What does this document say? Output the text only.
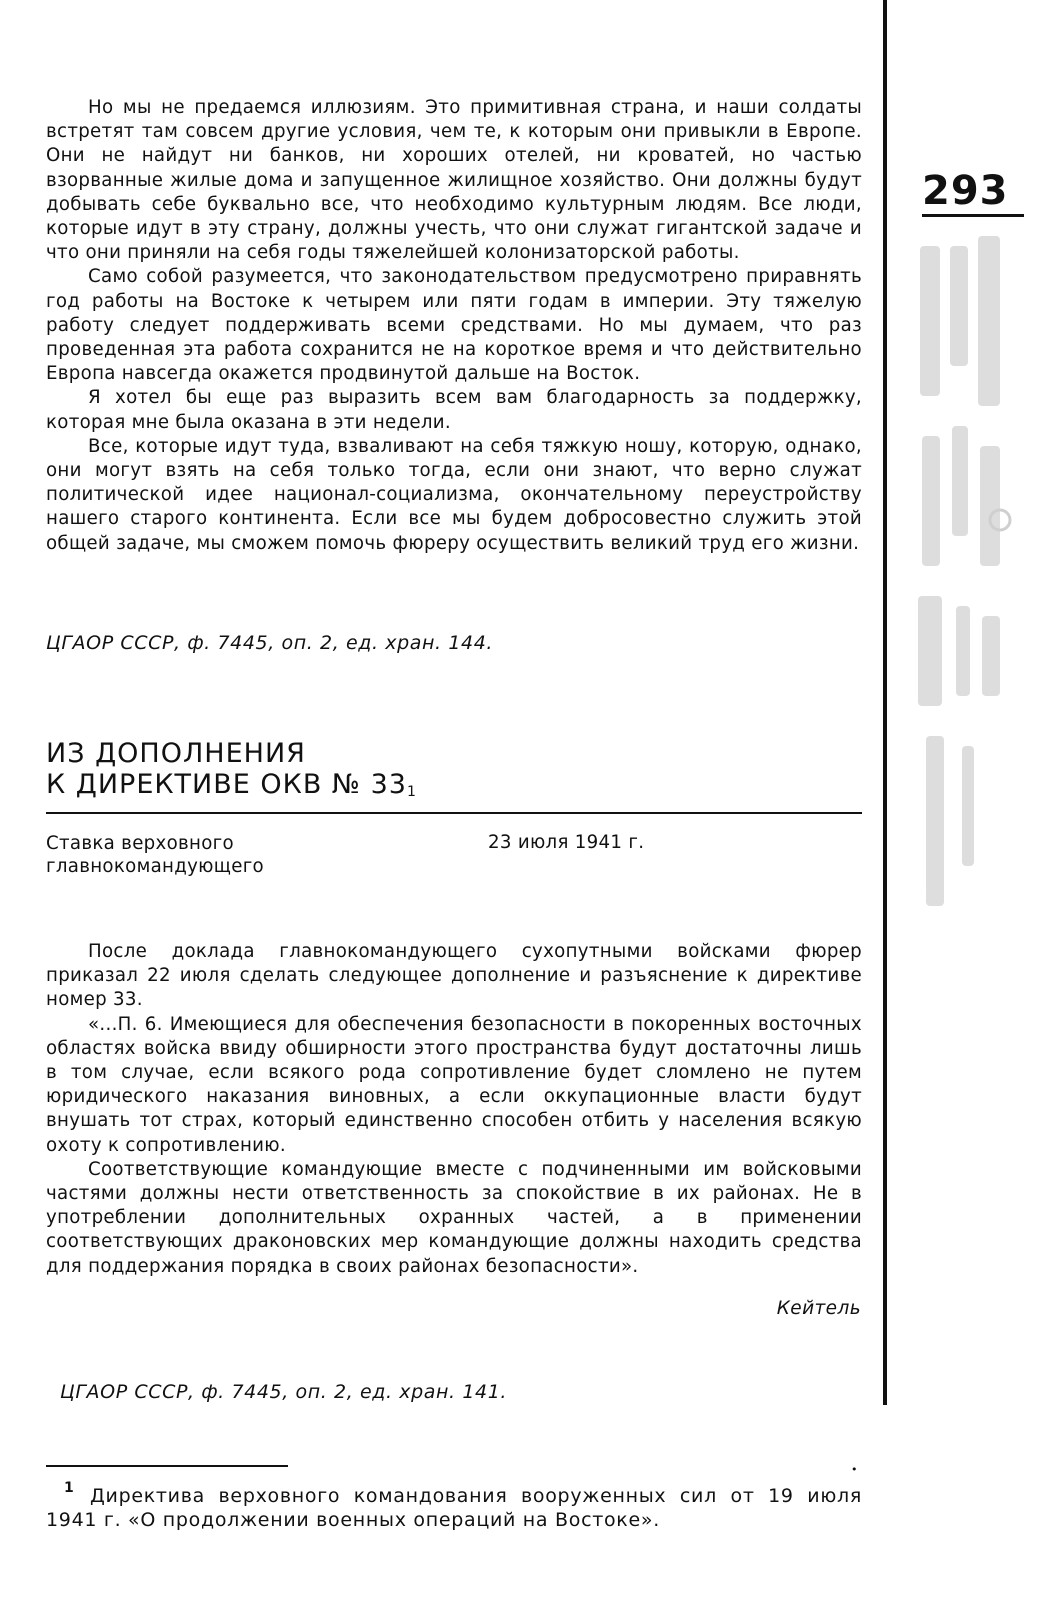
Но мы не предаемся иллюзиям. Это примитивная страна, и наши солдаты встретят там совсем другие условия, чем те, к которым они привыкли в Европе. Они не найдут ни банков, ни хороших отелей, ни кроватей, но частью взорванные жилые дома и запущенное жилищное хозяйство. Они должны будут добывать себе буквально все, что необходимо культурным людям. Все люди, которые идут в эту страну, должны учесть, что они служат гигантской задаче и что они приняли на себя годы тяжелейшей колонизаторской работы.

Само собой разумеется, что законодательством предусмотрено приравнять год работы на Востоке к четырем или пяти годам в империи. Эту тяжелую работу следует поддерживать всеми средствами. Но мы думаем, что раз проведенная эта работа сохранится не на короткое время и что действительно Европа навсегда окажется продвинутой дальше на Восток.

Я хотел бы еще раз выразить всем вам благодарность за поддержку, которая мне была оказана в эти недели.

Все, которые идут туда, взваливают на себя тяжкую ношу, которую, однако, они могут взять на себя только тогда, если они знают, что верно служат политической идее национал-социализма, окончательному переустройству нашего старого континента. Если все мы будем добросовестно служить этой общей задаче, мы сможем помочь фюреру осуществить великий труд его жизни.

ЦГАОР СССР, ф. 7445, оп. 2, ед. хран. 144.
ИЗ ДОПОЛНЕНИЯ
К ДИРЕКТИВЕ ОКВ № $33^1$
Ставка верховного главнокомандующего
23 июля 1941 г.

После доклада главнокомандующего сухопутными войсками фюрер приказал 22 июля сделать следующее дополнение и разъяснение к директиве номер 33.

«...П. 6. Имеющиеся для обеспечения безопасности в покоренных восточных областях войска ввиду обширности этого пространства будут достаточны лишь в том случае, если всякого рода сопротивление будет сломлено не путем юридического наказания виновных, а если оккупационные власти будут внушать тот страх, который единственно способен отбить у населения всякую охоту к сопротивлению.

Соответствующие командующие вместе с подчиненными им войсковыми частями должны нести ответственность за спокойствие в их районах. Не в употреблении дополнительных охранных частей, а в применении соответствующих драконовских мер командующие должны находить средства для поддержания порядка в своих районах безопасности».

Кейтель
ЦГАОР СССР, ф. 7445, оп. 2, ед. хран. 141.
•
1 Директива верховного командования вооруженных сил от 19 июля 1941 г. «О продолжении военных операций на Востоке».

293
